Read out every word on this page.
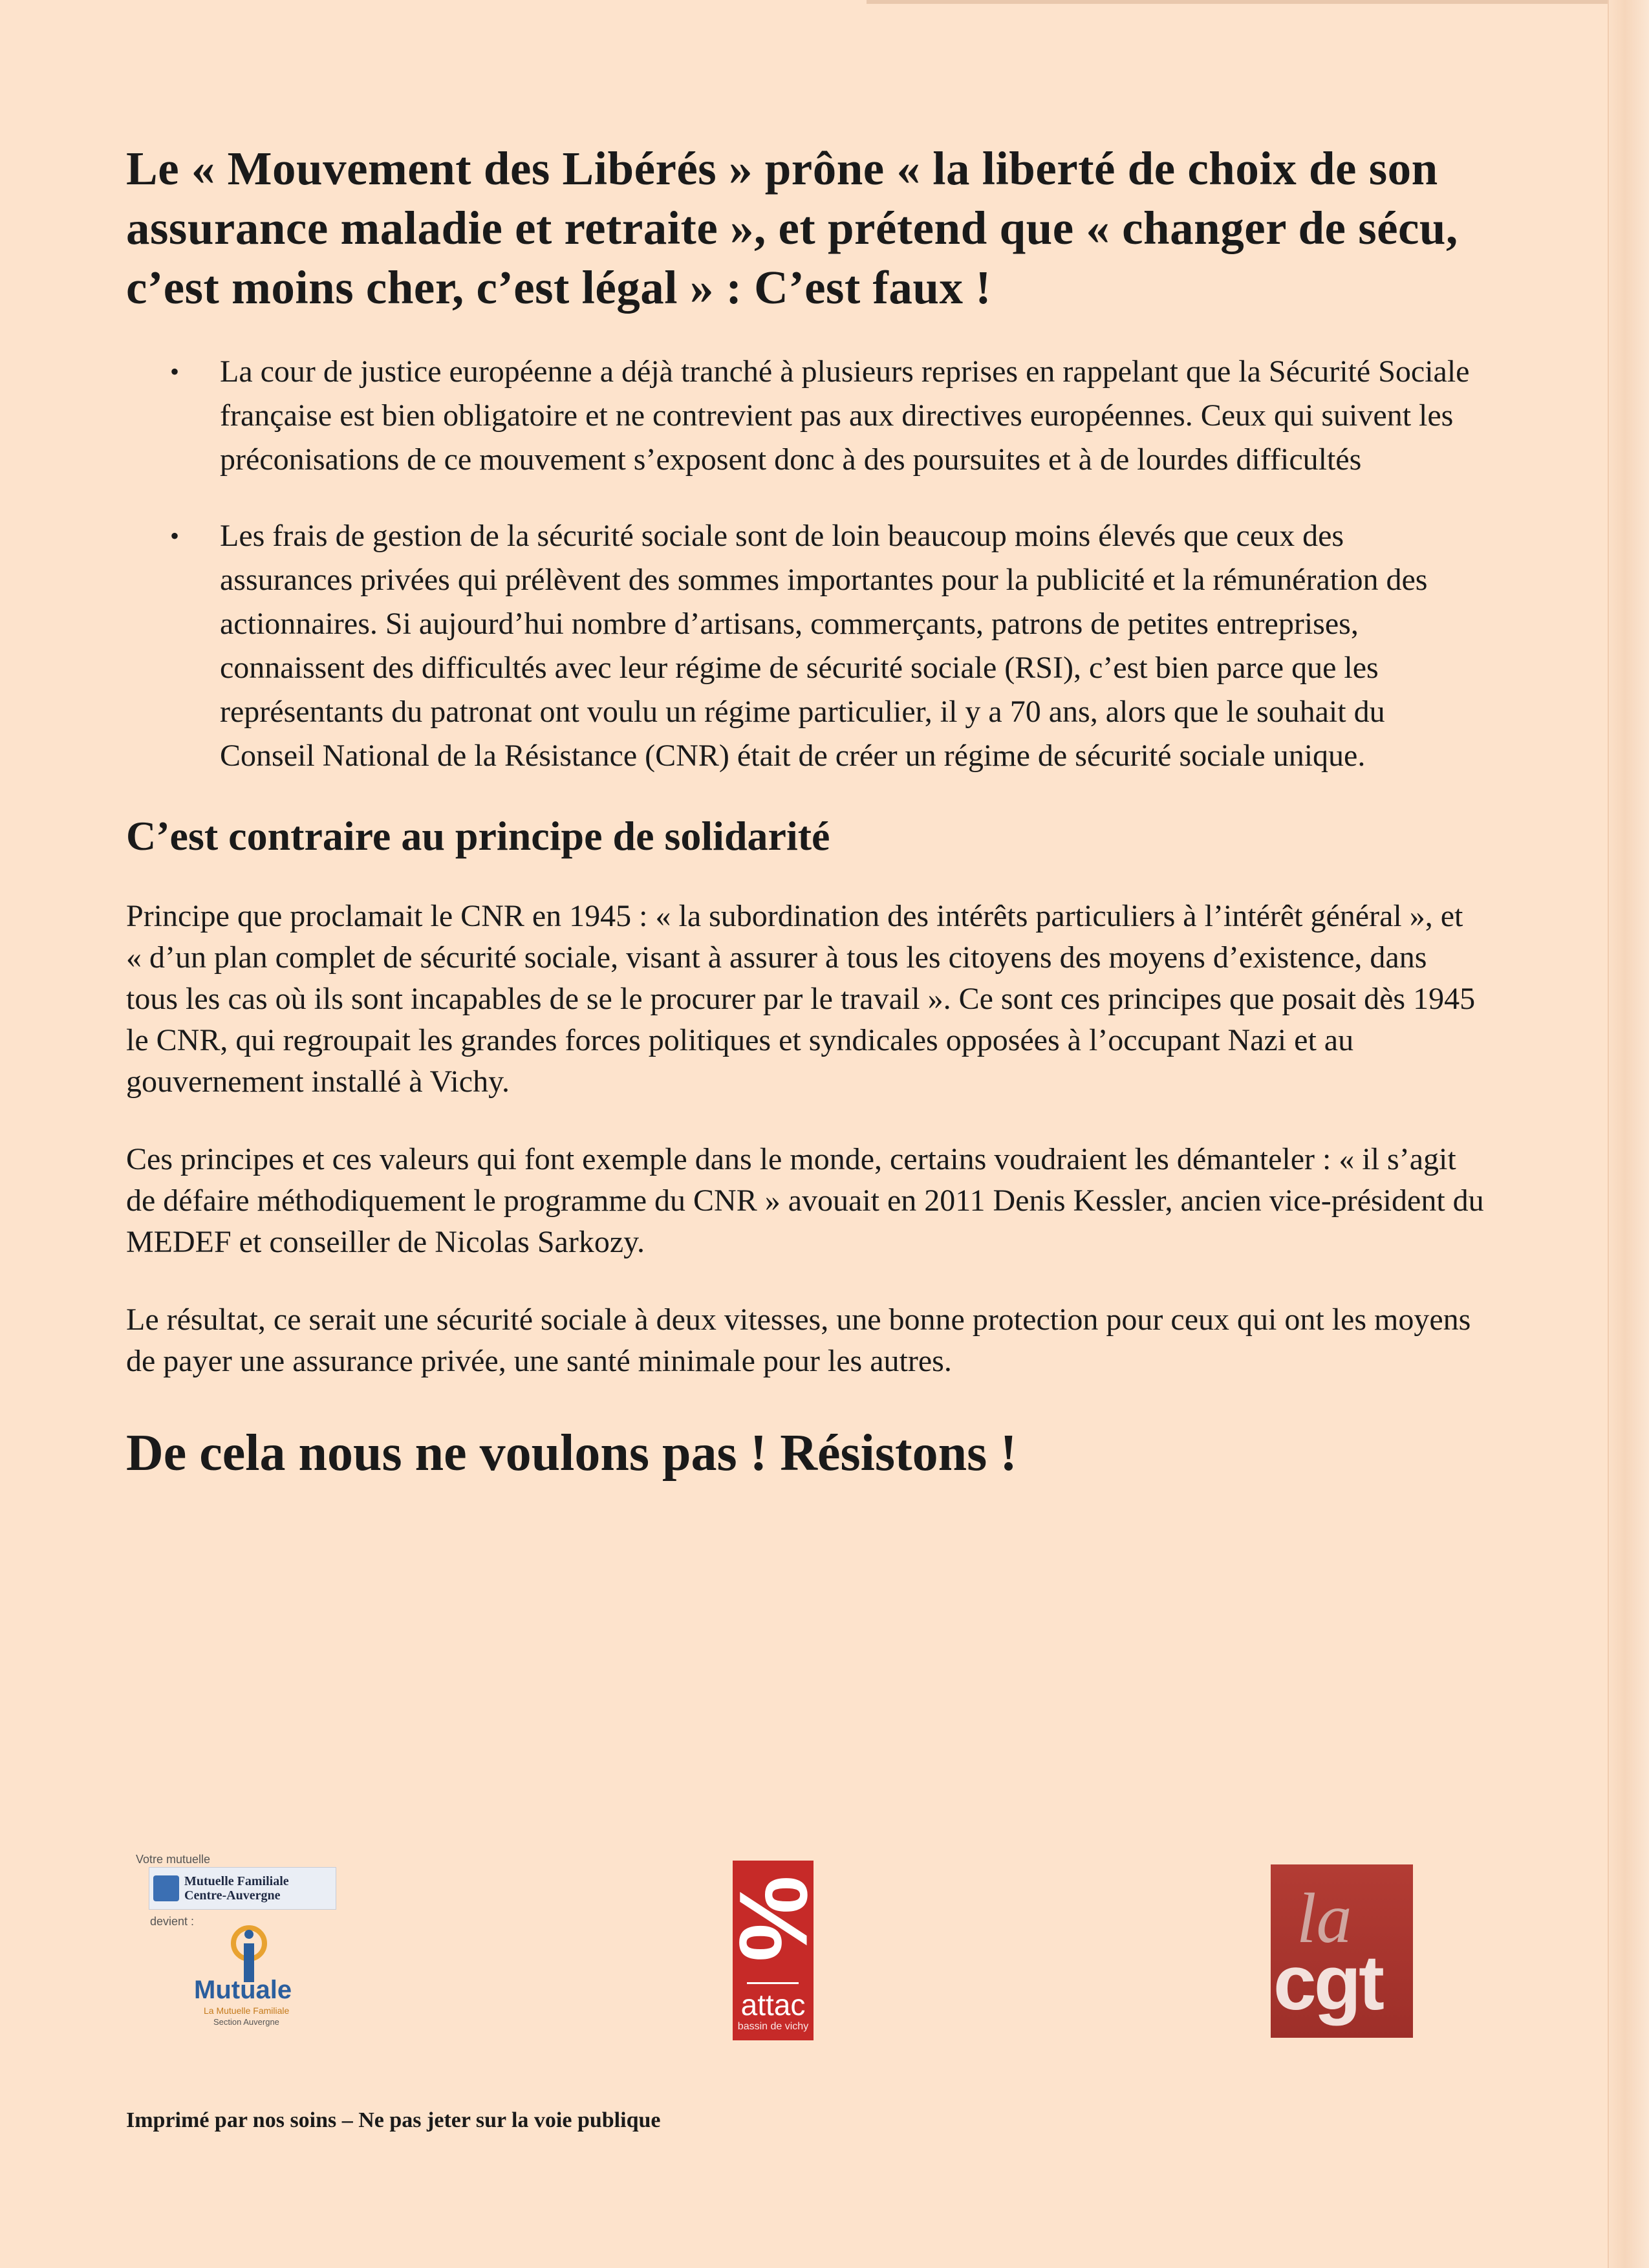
Le « Mouvement des Libérés » prône « la liberté de choix de son assurance maladie et retraite », et prétend que « changer de sécu, c’est moins cher, c’est légal » : C’est faux !
• La cour de justice européenne a déjà tranché à plusieurs reprises en rappelant que la Sécurité Sociale française est bien obligatoire et ne contrevient pas aux directives européennes. Ceux qui suivent les préconisations de ce mouvement s’exposent donc à des poursuites et à de lourdes difficultés
• Les frais de gestion de la sécurité sociale sont de loin beaucoup moins élevés que ceux des assurances privées qui prélèvent des sommes importantes pour la publicité et la rémunération des actionnaires. Si aujourd’hui nombre d’artisans, commerçants, patrons de petites entreprises, connaissent des difficultés avec leur régime de sécurité sociale (RSI), c’est bien parce que les représentants du patronat ont voulu un régime particulier, il y a 70 ans, alors que le souhait du Conseil National de la Résistance (CNR) était de créer un régime de sécurité sociale unique.
C’est contraire au principe de solidarité

Principe que proclamait le CNR en 1945 : « la subordination des intérêts particuliers à l’intérêt général », et « d’un plan complet de sécurité sociale, visant à assurer à tous les citoyens des moyens d’existence, dans tous les cas où ils sont incapables de se le procurer par le travail ». Ce sont ces principes que posait dès 1945 le CNR, qui regroupait les grandes forces politiques et syndicales opposées à l’occupant Nazi et au gouvernement installé à Vichy.

Ces principes et ces valeurs qui font exemple dans le monde, certains voudraient les démanteler : « il s’agit de défaire méthodiquement le programme du CNR » avouait en 2011 Denis Kessler, ancien vice-président du MEDEF et conseiller de Nicolas Sarkozy.

Le résultat, ce serait une sécurité sociale à deux vitesses, une bonne protection pour ceux qui ont les moyens de payer une assurance privée, une santé minimale pour les autres.

De cela nous ne voulons pas ! Résistons !
Votre mutuelle
Mutuelle Familiale
Centre-Auvergne
devient :
Mutuale
La Mutuelle Familiale
Section Auvergne
%
attac
bassin de vichy
la
cgt
Imprimé par nos soins – Ne pas jeter sur la voie publique
